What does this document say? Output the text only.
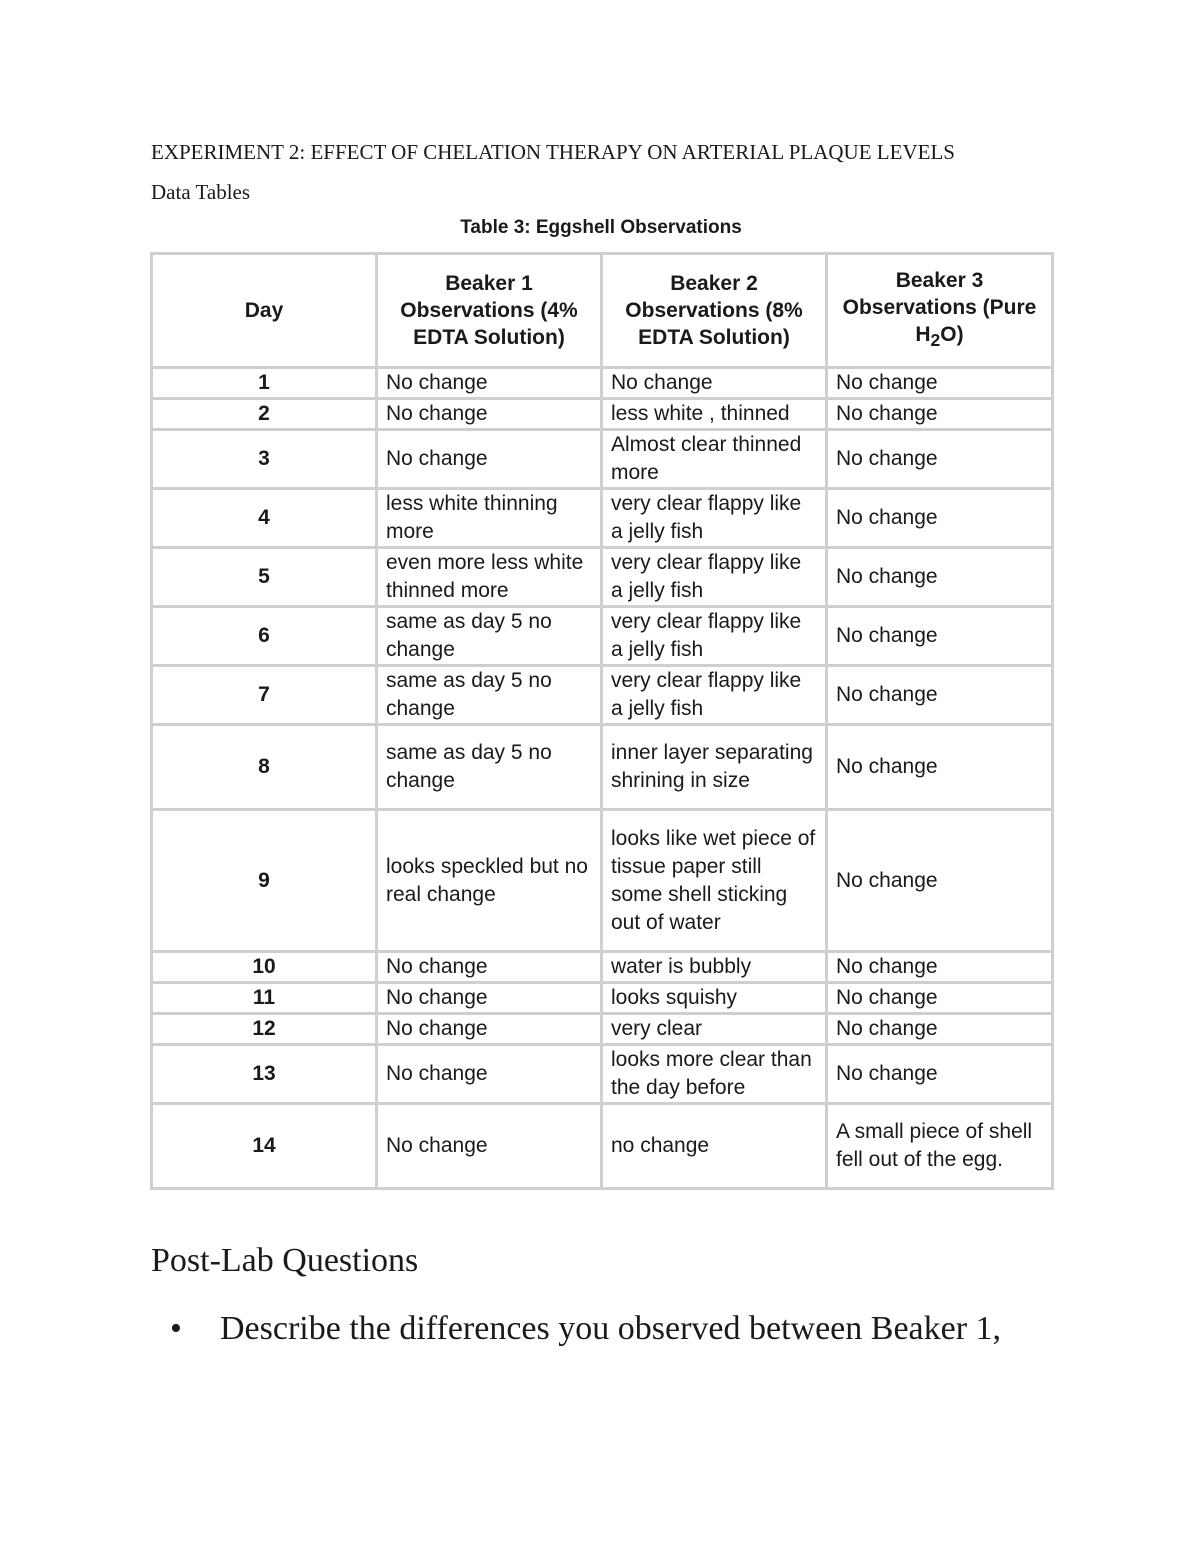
EXPERIMENT 2: EFFECT OF CHELATION THERAPY ON ARTERIAL PLAQUE LEVELS
Data Tables
Table 3: Eggshell Observations
Day	Beaker 1 Observations (4% EDTA Solution)	Beaker 2 Observations (8% EDTA Solution)	Beaker 3 Observations (Pure $H_2O$)
1	No change	No change	No change
2	No change	less white , thinned	No change
3	No change	Almost clear thinned more	No change
4	less white thinning more	very clear flappy like a jelly fish	No change
5	even more less white thinned more	very clear flappy like a jelly fish	No change
6	same as day 5 no change	very clear flappy like a jelly fish	No change
7	same as day 5 no change	very clear flappy like a jelly fish	No change
8	same as day 5 no change	inner layer separating shrining in size	No change
9	looks speckled but no real change	looks like wet piece of tissue paper still some shell sticking out of water	No change
10	No change	water is bubbly	No change
11	No change	looks squishy	No change
12	No change	very clear	No change
13	No change	looks more clear than the day before	No change
14	No change	no change	A small piece of shell fell out of the egg.
Post-Lab Questions
• Describe the differences you observed between Beaker 1,
